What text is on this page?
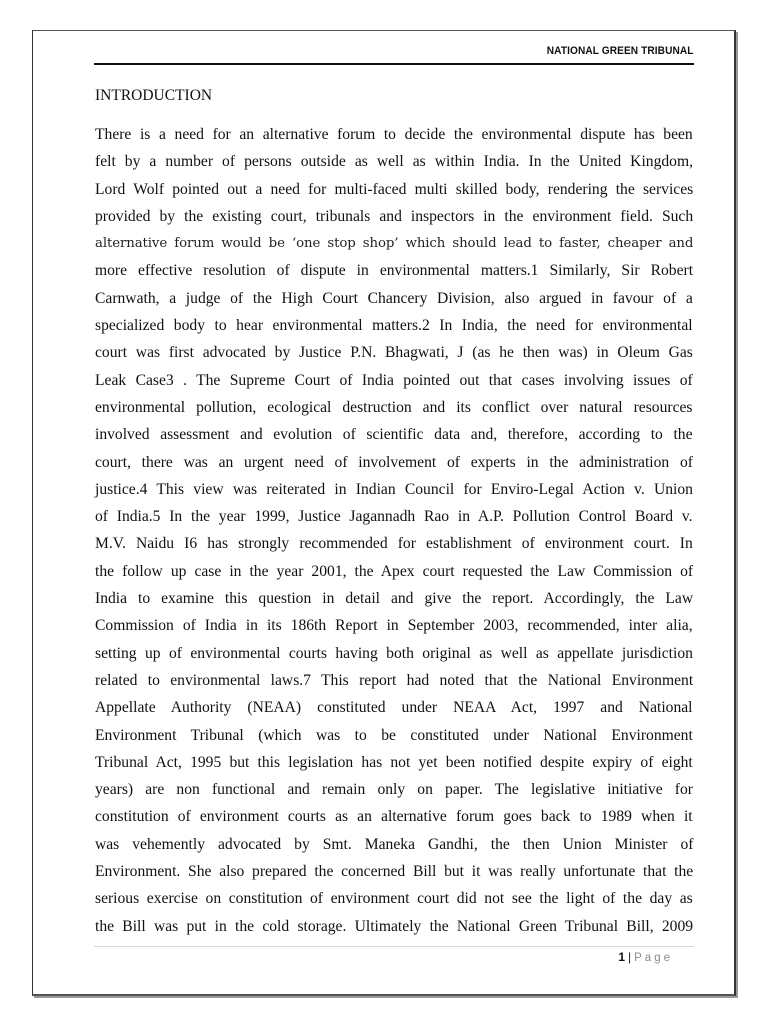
NATIONAL GREEN TRIBUNAL
INTRODUCTION
There is a need for an alternative forum to decide the environmental dispute has been
felt by a number of persons outside as well as within India. In the United Kingdom,
Lord Wolf pointed out a need for multi-faced multi skilled body, rendering the services
provided by the existing court, tribunals and inspectors in the environment field. Such
alternative forum would be ‘one stop shop’ which should lead to faster, cheaper and
more effective resolution of dispute in environmental matters.1 Similarly, Sir Robert
Carnwath, a judge of the High Court Chancery Division, also argued in favour of a
specialized body to hear environmental matters.2 In India, the need for environmental
court was first advocated by Justice P.N. Bhagwati, J (as he then was) in Oleum Gas
Leak Case3 . The Supreme Court of India pointed out that cases involving issues of
environmental pollution, ecological destruction and its conflict over natural resources
involved assessment and evolution of scientific data and, therefore, according to the
court, there was an urgent need of involvement of experts in the administration of
justice.4 This view was reiterated in Indian Council for Enviro-Legal Action v. Union
of India.5 In the year 1999, Justice Jagannadh Rao in A.P. Pollution Control Board v.
M.V. Naidu I6 has strongly recommended for establishment of environment court. In
the follow up case in the year 2001, the Apex court requested the Law Commission of
India to examine this question in detail and give the report. Accordingly, the Law
Commission of India in its 186th Report in September 2003, recommended, inter alia,
setting up of environmental courts having both original as well as appellate jurisdiction
related to environmental laws.7 This report had noted that the National Environment
Appellate Authority (NEAA) constituted under NEAA Act, 1997 and National
Environment Tribunal (which was to be constituted under National Environment
Tribunal Act, 1995 but this legislation has not yet been notified despite expiry of eight
years) are non functional and remain only on paper. The legislative initiative for
constitution of environment courts as an alternative forum goes back to 1989 when it
was vehemently advocated by Smt. Maneka Gandhi, the then Union Minister of
Environment. She also prepared the concerned Bill but it was really unfortunate that the
serious exercise on constitution of environment court did not see the light of the day as
the Bill was put in the cold storage. Ultimately the National Green Tribunal Bill, 2009
1 | Page
